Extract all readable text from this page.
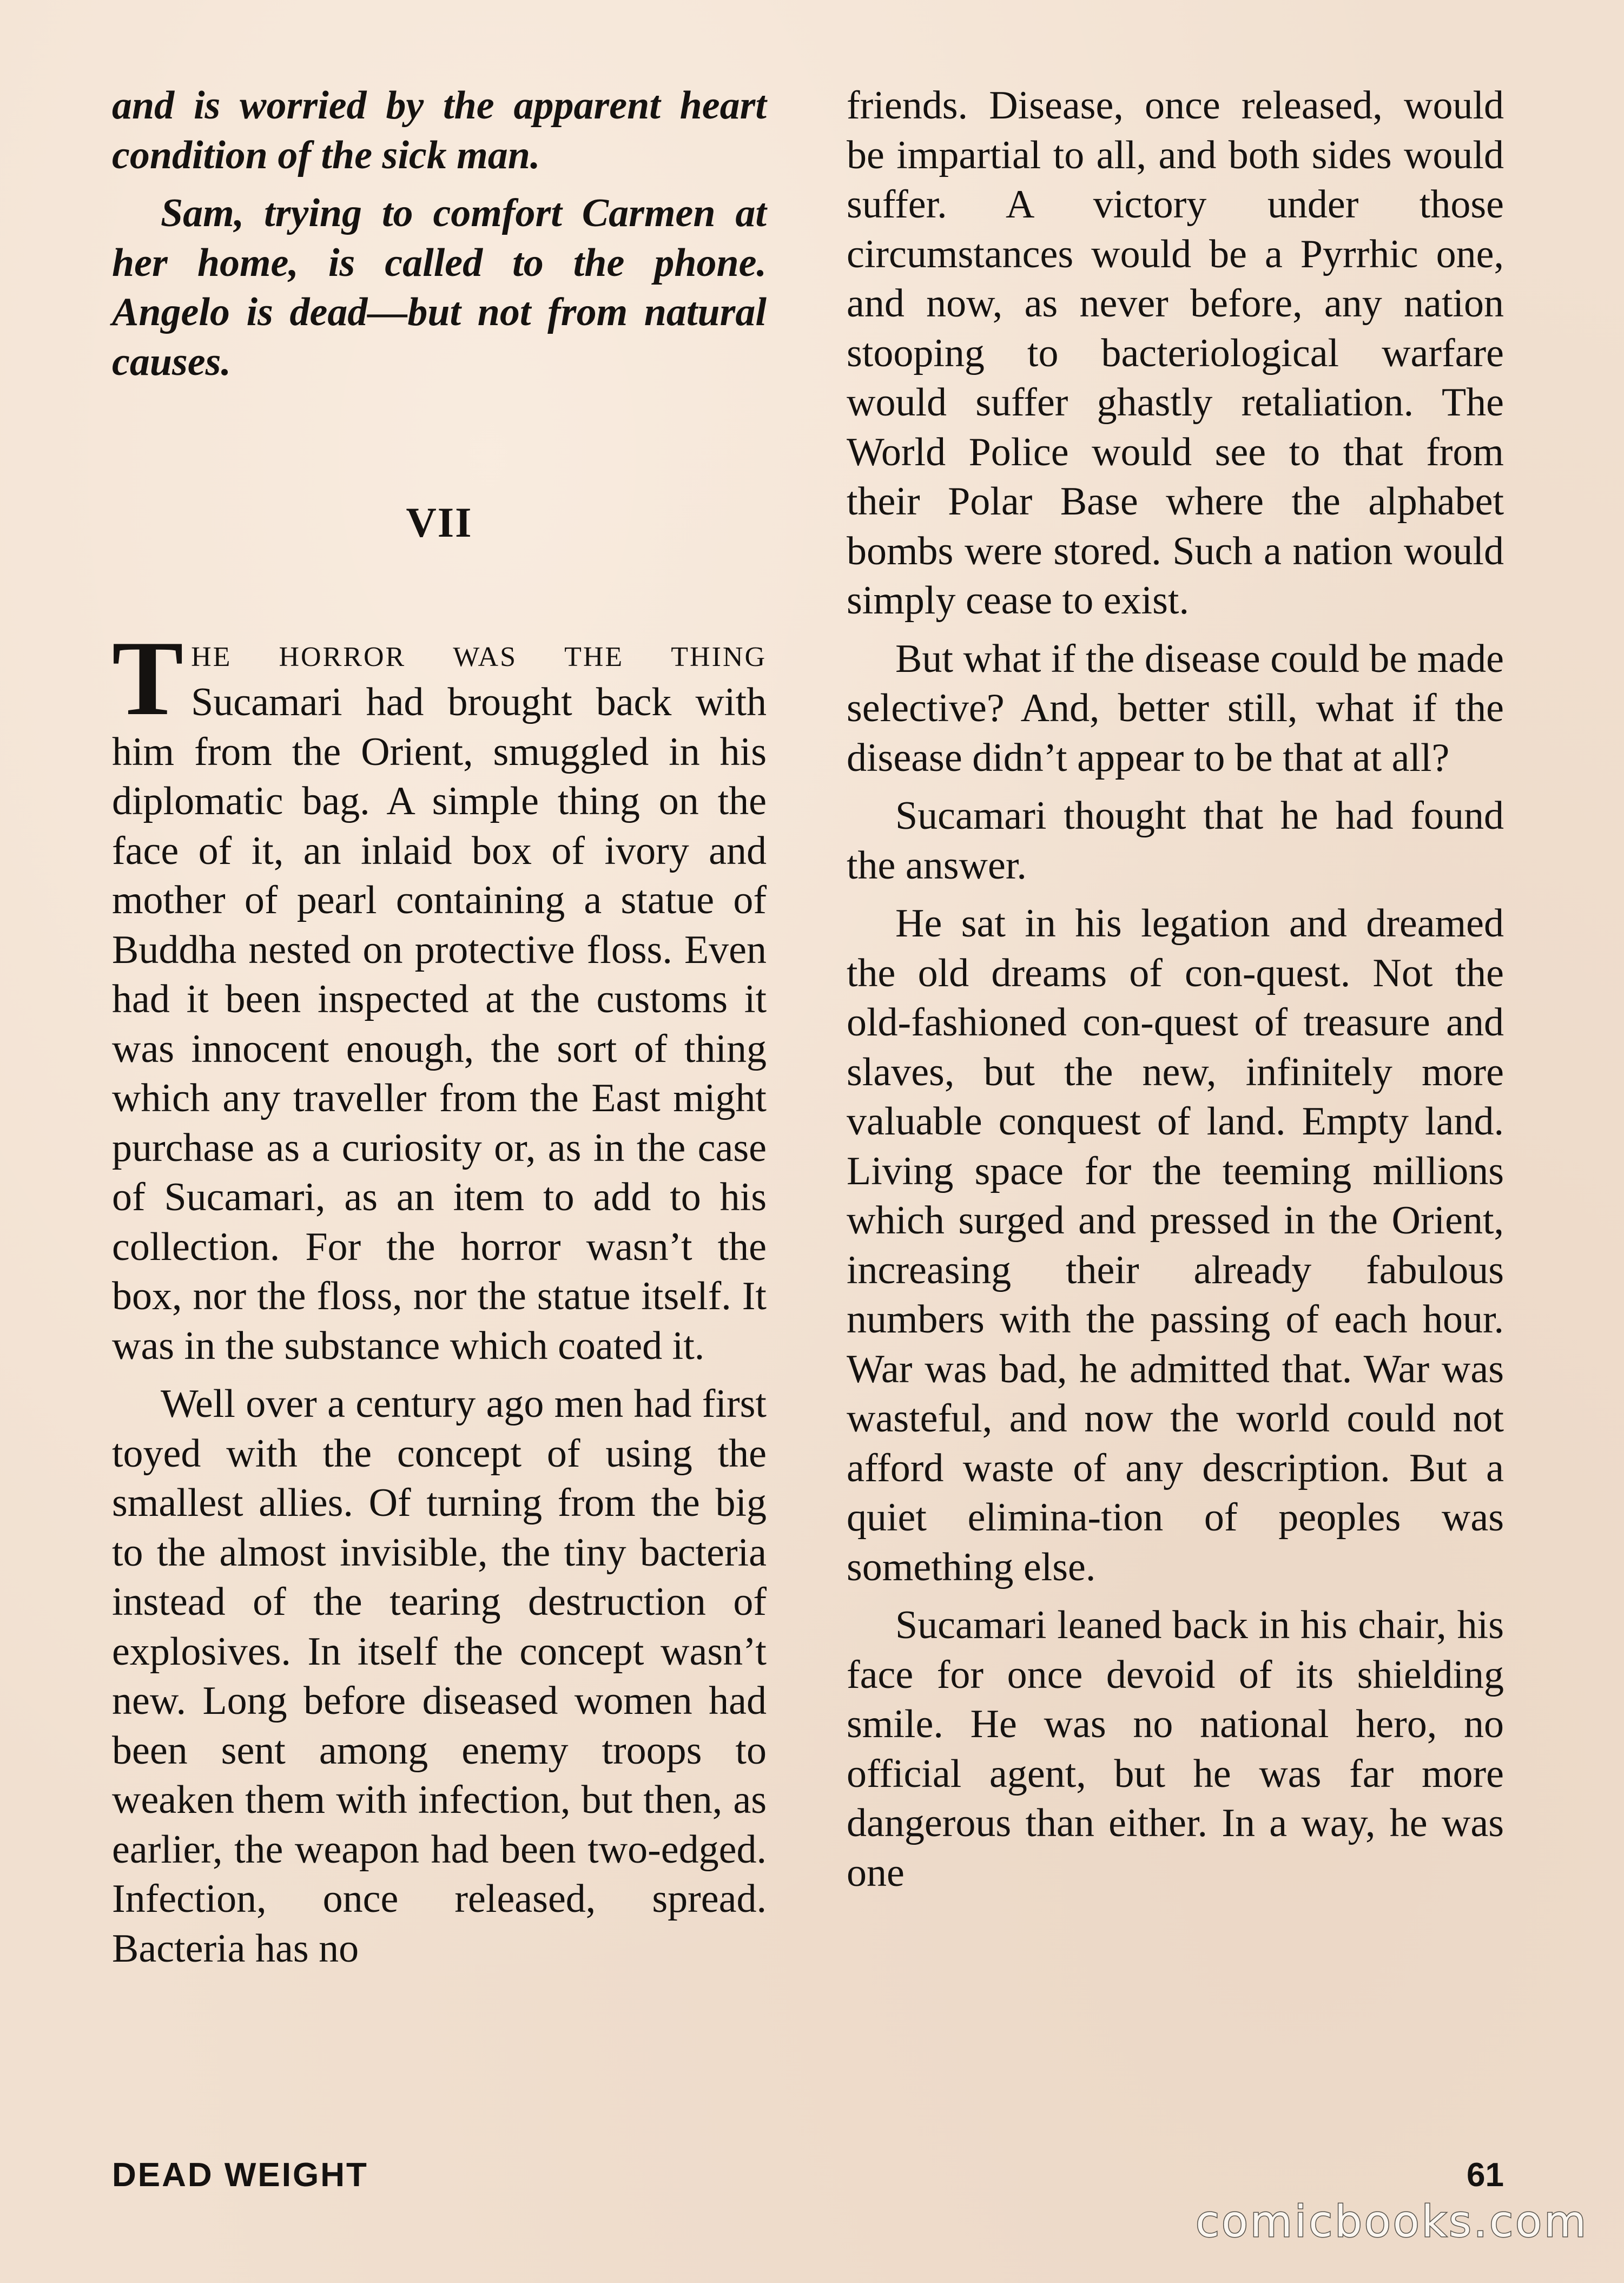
and is worried by the apparent heart condition of the sick man.

Sam, trying to comfort Carmen at her home, is called to the phone. Angelo is dead—but not from natural causes.

VII

The horror was the thing Sucamari had brought back with him from the Orient, smuggled in his diplomatic bag. A simple thing on the face of it, an inlaid box of ivory and mother of pearl containing a statue of Buddha nested on protective floss. Even had it been inspected at the customs it was innocent enough, the sort of thing which any traveller from the East might purchase as a curiosity or, as in the case of Sucamari, as an item to add to his collection. For the horror wasn’t the box, nor the floss, nor the statue itself. It was in the substance which coated it.

Well over a century ago men had first toyed with the concept of using the smallest allies. Of turning from the big to the almost invisible, the tiny bacteria instead of the tearing destruction of explosives. In itself the concept wasn’t new. Long before diseased women had been sent among enemy troops to weaken them with infection, but then, as earlier, the weapon had been two-edged. Infection, once released, spread. Bacteria has no

friends. Disease, once released, would be impartial to all, and both sides would suffer. A victory under those circumstances would be a Pyrrhic one, and now, as never before, any nation stooping to bacteriological warfare would suffer ghastly retaliation. The World Police would see to that from their Polar Base where the alphabet bombs were stored. Such a nation would simply cease to exist.

But what if the disease could be made selective? And, better still, what if the disease didn’t appear to be that at all?

Sucamari thought that he had found the answer.

He sat in his legation and dreamed the old dreams of con-quest. Not the old-fashioned con-quest of treasure and slaves, but the new, infinitely more valuable conquest of land. Empty land. Living space for the teeming millions which surged and pressed in the Orient, increasing their already fabulous numbers with the passing of each hour. War was bad, he admitted that. War was wasteful, and now the world could not afford waste of any description. But a quiet elimina-tion of peoples was something else.

Sucamari leaned back in his chair, his face for once devoid of its shielding smile. He was no national hero, no official agent, but he was far more dangerous than either. In a way, he was one

DEAD WEIGHT	61
comicbooks.com
